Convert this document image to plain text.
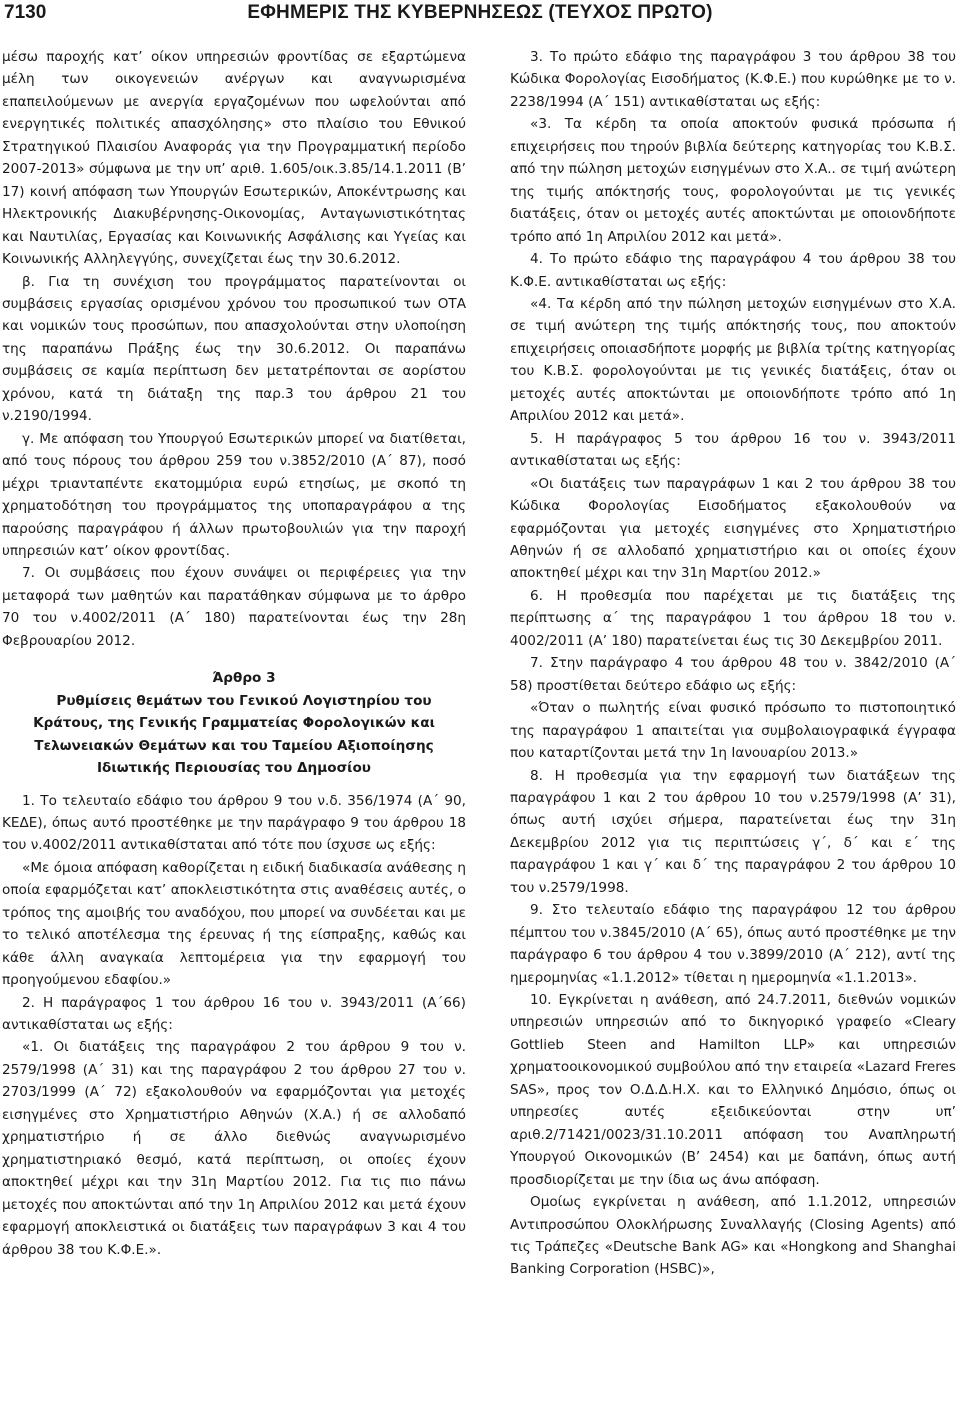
7130	ΕΦΗΜΕΡΙΣ ΤΗΣ ΚΥΒΕΡΝΗΣΕΩΣ (ΤΕΥΧΟΣ ΠΡΩΤΟ)

μέσω παροχής κατ’ οίκον υπηρεσιών φροντίδας σε εξαρτώμενα μέλη των οικογενειών ανέργων και αναγνωρισμένα επαπειλούμενων με ανεργία εργαζομένων που ωφελούνται από ενεργητικές πολιτικές απασχόλησης» στο πλαίσιο του Εθνικού Στρατηγικού Πλαισίου Αναφοράς για την Προγραμματική περίοδο 2007-2013» σύμφωνα με την υπ’ αριθ. 1.605/οικ.3.85/14.1.2011 (Β’ 17) κοινή απόφαση των Υπουργών Εσωτερικών, Αποκέντρωσης και Ηλεκτρονικής Διακυβέρνησης-Οικονομίας, Ανταγωνιστικότητας και Ναυτιλίας, Εργασίας και Κοινωνικής Ασφάλισης και Υγείας και Κοινωνικής Αλληλεγγύης, συνεχίζεται έως την 30.6.2012.

β. Για τη συνέχιση του προγράμματος παρατείνονται οι συμβάσεις εργασίας ορισμένου χρόνου του προσωπικού των ΟΤΑ και νομικών τους προσώπων, που απασχολούνται στην υλοποίηση της παραπάνω Πράξης έως την 30.6.2012. Οι παραπάνω συμβάσεις σε καμία περίπτωση δεν μετατρέπονται σε αορίστου χρόνου, κατά τη διάταξη της παρ.3 του άρθρου 21 του ν.2190/1994.

γ. Με απόφαση του Υπουργού Εσωτερικών μπορεί να διατίθεται, από τους πόρους του άρθρου 259 του ν.3852/2010 (Α΄ 87), ποσό μέχρι τριανταπέντε εκατομμύρια ευρώ ετησίως, με σκοπό τη χρηματοδότηση του προγράμματος της υποπαραγράφου α της παρούσης παραγράφου ή άλλων πρωτοβουλιών για την παροχή υπηρεσιών κατ’ οίκον φροντίδας.

7. Οι συμβάσεις που έχουν συνάψει οι περιφέρειες για την μεταφορά των μαθητών και παρατάθηκαν σύμφωνα με το άρθρο 70 του ν.4002/2011 (Α΄ 180) παρατείνονται έως την 28η Φεβρουαρίου 2012.

Άρθρο 3

Ρυθμίσεις θεμάτων του Γενικού Λογιστηρίου του Κράτους, της Γενικής Γραμματείας Φορολογικών και Τελωνειακών Θεμάτων και του Ταμείου Αξιοποίησης Ιδιωτικής Περιουσίας του Δημοσίου

1. Το τελευταίο εδάφιο του άρθρου 9 του ν.δ. 356/1974 (Α΄ 90, ΚΕΔΕ), όπως αυτό προστέθηκε με την παράγραφο 9 του άρθρου 18 του ν.4002/2011 αντικαθίσταται από τότε που ίσχυσε ως εξής:

«Με όμοια απόφαση καθορίζεται η ειδική διαδικασία ανάθεσης η οποία εφαρμόζεται κατ’ αποκλειστικότητα στις αναθέσεις αυτές, ο τρόπος της αμοιβής του αναδόχου, που μπορεί να συνδέεται και με το τελικό αποτέλεσμα της έρευνας ή της είσπραξης, καθώς και κάθε άλλη αναγκαία λεπτομέρεια για την εφαρμογή του προηγούμενου εδαφίου.»

2. Η παράγραφος 1 του άρθρου 16 του ν. 3943/2011 (Α΄66) αντικαθίσταται ως εξής:

«1. Οι διατάξεις της παραγράφου 2 του άρθρου 9 του ν. 2579/1998 (Α΄ 31) και της παραγράφου 2 του άρθρου 27 του ν. 2703/1999 (Α΄ 72) εξακολουθούν να εφαρμόζονται για μετοχές εισηγμένες στο Χρηματιστήριο Αθηνών (Χ.Α.) ή σε αλλοδαπό χρηματιστήριο ή σε άλλο διεθνώς αναγνωρισμένο χρηματιστηριακό θεσμό, κατά περίπτωση, οι οποίες έχουν αποκτηθεί μέχρι και την 31η Μαρτίου 2012. Για τις πιο πάνω μετοχές που αποκτώνται από την 1η Απριλίου 2012 και μετά έχουν εφαρμογή αποκλειστικά οι διατάξεις των παραγράφων 3 και 4 του άρθρου 38 του Κ.Φ.Ε.».

3. Το πρώτο εδάφιο της παραγράφου 3 του άρθρου 38 του Κώδικα Φορολογίας Εισοδήματος (Κ.Φ.Ε.) που κυρώθηκε με το ν. 2238/1994 (Α΄ 151) αντικαθίσταται ως εξής:

«3. Τα κέρδη τα οποία αποκτούν φυσικά πρόσωπα ή επιχειρήσεις που τηρούν βιβλία δεύτερης κατηγορίας του Κ.Β.Σ. από την πώληση μετοχών εισηγμένων στο Χ.Α.. σε τιμή ανώτερη της τιμής απόκτησής τους, φορολογούνται με τις γενικές διατάξεις, όταν οι μετοχές αυτές αποκτώνται με οποιονδήποτε τρόπο από 1η Απριλίου 2012 και μετά».

4. Το πρώτο εδάφιο της παραγράφου 4 του άρθρου 38 του Κ.Φ.Ε. αντικαθίσταται ως εξής:

«4. Τα κέρδη από την πώληση μετοχών εισηγμένων στο Χ.Α. σε τιμή ανώτερη της τιμής απόκτησής τους, που αποκτούν επιχειρήσεις οποιασδήποτε μορφής με βιβλία τρίτης κατηγορίας του Κ.Β.Σ. φορολογούνται με τις γενικές διατάξεις, όταν οι μετοχές αυτές αποκτώνται με οποιονδήποτε τρόπο από 1η Απριλίου 2012 και μετά».

5. Η παράγραφος 5 του άρθρου 16 του ν. 3943/2011 αντικαθίσταται ως εξής:

«Οι διατάξεις των παραγράφων 1 και 2 του άρθρου 38 του Κώδικα Φορολογίας Εισοδήματος εξακολουθούν να εφαρμόζονται για μετοχές εισηγμένες στο Χρηματιστήριο Αθηνών ή σε αλλοδαπό χρηματιστήριο και οι οποίες έχουν αποκτηθεί μέχρι και την 31η Μαρτίου 2012.»

6. Η προθεσμία που παρέχεται με τις διατάξεις της περίπτωσης α΄ της παραγράφου 1 του άρθρου 18 του ν. 4002/2011 (Α’ 180) παρατείνεται έως τις 30 Δεκεμβρίου 2011.

7. Στην παράγραφο 4 του άρθρου 48 του ν. 3842/2010 (Α΄ 58) προστίθεται δεύτερο εδάφιο ως εξής:

«Όταν ο πωλητής είναι φυσικό πρόσωπο το πιστοποιητικό της παραγράφου 1 απαιτείται για συμβολαιογραφικά έγγραφα που καταρτίζονται μετά την 1η Ιανουαρίου 2013.»

8. Η προθεσμία για την εφαρμογή των διατάξεων της παραγράφου 1 και 2 του άρθρου 10 του ν.2579/1998 (Α’ 31), όπως αυτή ισχύει σήμερα, παρατείνεται έως την 31η Δεκεμβρίου 2012 για τις περιπτώσεις γ΄, δ΄ και ε΄ της παραγράφου 1 και γ΄ και δ΄ της παραγράφου 2 του άρθρου 10 του ν.2579/1998.

9. Στο τελευταίο εδάφιο της παραγράφου 12 του άρθρου πέμπτου του ν.3845/2010 (Α΄ 65), όπως αυτό προστέθηκε με την παράγραφο 6 του άρθρου 4 του ν.3899/2010 (Α΄ 212), αντί της ημερομηνίας «1.1.2012» τίθεται η ημερομηνία «1.1.2013».

10. Εγκρίνεται η ανάθεση, από 24.7.2011, διεθνών νομικών υπηρεσιών υπηρεσιών από το δικηγορικό γραφείο «Cleary Gottlieb Steen and Hamilton LLP» και υπηρεσιών χρηματοοικονομικού συμβούλου από την εταιρεία «Lazard Freres SAS», προς τον Ο.Δ.Δ.Η.Χ. και το Ελληνικό Δημόσιο, όπως οι υπηρεσίες αυτές εξειδικεύονται στην υπ’ αριθ.2/71421/0023/31.10.2011 απόφαση του Αναπληρωτή Υπουργού Οικονομικών (Β’ 2454) και με δαπάνη, όπως αυτή προσδιορίζεται με την ίδια ως άνω απόφαση.

Ομοίως εγκρίνεται η ανάθεση, από 1.1.2012, υπηρεσιών Αντιπροσώπου Ολοκλήρωσης Συναλλαγής (Closing Agents) από τις Τράπεζες «Deutsche Bank AG» και «Hongkong and Shanghai Banking Corporation (HSBC)»,
